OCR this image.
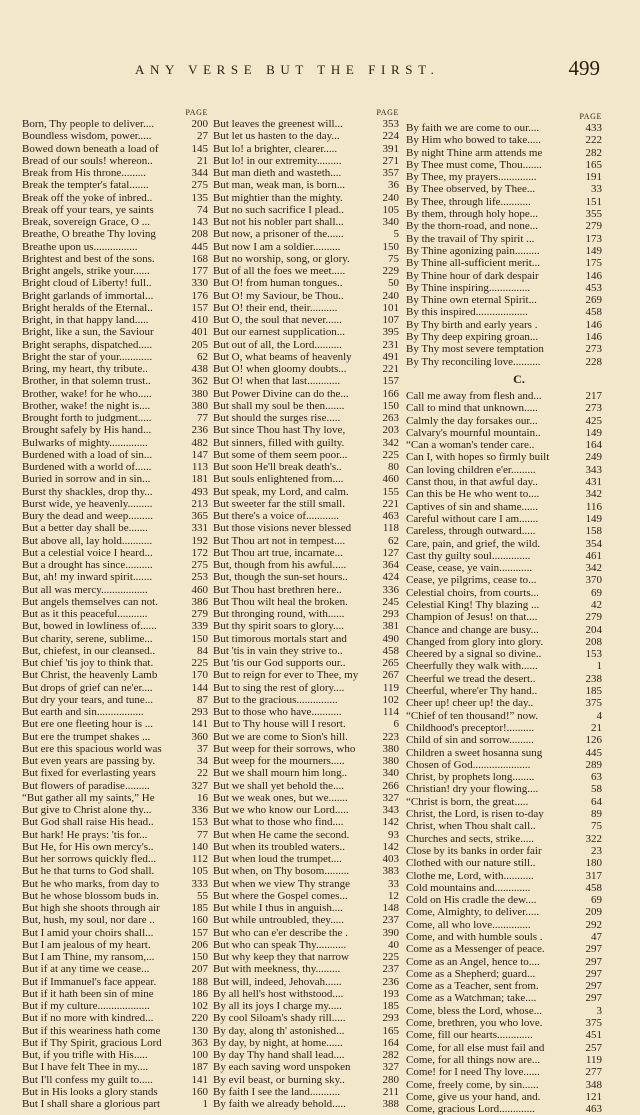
ANY VERSE BUT THE FIRST.	499
PAGE
Born, Thy people to deliver....	200
Boundless wisdom, power.....	27
Bowed down beneath a load of	145
Bread of our souls! whereon..	21
Break from His throne.........	344
Break the tempter's fatal.......	275
Break off the yoke of inbred..	135
Break off your tears, ye saints	74
Break, sovereign Grace, O ...	143
Breathe, O breathe Thy loving	208
Breathe upon us................	445
Brightest and best of the sons.	168
Bright angels, strike your......	177
Bright cloud of Liberty! full..	330
Bright garlands of immortal...	176
Bright heralds of the Eternal..	157
Bright, in that happy land.....	410
Bright, like a sun, the Saviour	401
Bright seraphs, dispatched.....	205
Bright the star of your............	62
Bring, my heart, thy tribute..	438
Brother, in that solemn trust..	362
Brother, wake! for he who.....	380
Brother, wake! the night is....	380
Brought forth to judgment.....	77
Brought safely by His hand...	236
Bulwarks of mighty..............	482
Burdened with a load of sin...	147
Burdened with a world of......	113
Buried in sorrow and in sin...	181
Burst thy shackles, drop thy...	493
Burst wide, ye heavenly.........	213
Bury the dead and weep.........	365
But a better day shall be.......	331
But above all, lay hold...........	192
But a celestial voice I heard...	172
But a drought has since..........	275
But, ah! my inward spirit.......	253
But all was mercy.................	460
But angels themselves can not.	386
But as it this peaceful...........	279
But, bowed in lowliness of......	339
But charity, serene, sublime...	150
But, chiefest, in our cleansed..	84
But chief 'tis joy to think that.	225
But Christ, the heavenly Lamb	170
But drops of grief can ne'er....	144
But dry your tears, and tune...	87
But earth and sin.................	293
But ere one fleeting hour is ...	141
But ere the trumpet shakes ...	360
But ere this spacious world was	37
But even years are passing by.	34
But fixed for everlasting years	22
But flowers of paradise.........	327
“But gather all my saints,” He	16
But give to Christ alone thy...	336
But God shall raise His head..	153
But hark! He prays: 'tis for...	77
But He, for His own mercy's..	140
But her sorrows quickly fled...	112
But he that turns to God shall.	105
But he who marks, from day to	333
But he whose blossom buds in.	55
But high she shoots through air	185
But, hush, my soul, nor dare ..	160
But I amid your choirs shall...	157
But I am jealous of my heart.	206
But I am Thine, my ransom,...	150
But if at any time we cease...	207
But if Immanuel's face appear.	188
But if it hath been sin of mine	186
But if my culture...................	102
But if no more with kindred...	220
But if this weariness hath come	130
But if Thy Spirit, gracious Lord	363
But, if you trifle with His.....	100
But I have felt Thee in my....	187
But I'll confess my guilt to.....	141
But in His looks a glory stands	160
But I shall share a glorious part	1
PAGE
But leaves the greenest will...	353
But let us hasten to the day...	224
But lo! a brighter, clearer.....	391
But lo! in our extremity.........	271
But man dieth and wasteth....	357
But man, weak man, is born...	36
But mightier than the mighty.	240
But no such sacrifice I plead..	105
But not his nobler part shall...	340
But now, a prisoner of the......	5
But now I am a soldier..........	150
But no worship, song, or glory.	75
But of all the foes we meet.....	229
But O! from human tongues..	50
But O! my Saviour, be Thou..	240
But O! their end, their..........	101
But O, the soul that never......	107
But our earnest supplication...	395
But out of all, the Lord..........	231
But O, what beams of heavenly	491
But O! when gloomy doubts...	221
But O! when that last............	157
But Power Divine can do the...	166
But shall my soul be then.......	150
But should the surges rise.....	263
But since Thou hast Thy love,	203
But sinners, filled with guilty.	342
But some of them seem poor...	225
But soon He'll break death's..	80
But souls enlightened from....	460
But speak, my Lord, and calm.	155
But sweeter far the still small.	221
But there's a voice of............	463
But those visions never blessed	118
But Thou art not in tempest....	62
But Thou art true, incarnate...	127
But, though from his awful.....	364
But, though the sun-set hours..	424
But Thou hast brethren here..	336
But Thou wilt heal the broken.	245
But thronging round, with......	293
But thy spirit soars to glory....	381
But timorous mortals start and	490
But 'tis in vain they strive to..	458
But 'tis our God supports our..	265
But to reign for ever to Thee, my 267
But to sing the rest of glory....	119
But to the gracious...............	102
But to those who have...........	114
But to Thy house will I resort.	6
But we are come to Sion's hill.	223
But weep for their sorrows, who 380
But weep for the mourners.....	380
But we shall mourn him long..	340
But we shall yet behold the....	266
But we weak ones, but we.......	327
But we who know our Lord.....	343
But what to those who find....	142
But when He came the second.	93
But when its troubled waters..	142
But when loud the trumpet....	403
But when, on Thy bosom.........	383
But when we view Thy strange	33
But where the Gospel comes...	12
But while I thus in anguish....	148
But while untroubled, they.....	237
But who can e'er describe the .	390
But who can speak Thy...........	40
But why keep they that narrow	225
But with meekness, thy.........	237
But will, indeed, Jehovah......	236
By all hell's host withstood....	193
By all its joys I charge my.....	185
By cool Siloam's shady rill.....	293
By day, along th' astonished...	165
By day, by night, at home......	164
By day Thy hand shall lead....	282
By each saving word unspoken	327
By evil beast, or burning sky..	280
By faith I see the land...........	211
By faith we already behold.....	388
PAGE
By faith we are come to our....	433
By Him who bowed to take.....	222
By night Thine arm attends me	282
By Thee must come, Thou.......	165
By Thee, my prayers..............	191
By Thee observed, by Thee...	33
By Thee, through life...........	151
By them, through holy hope...	355
By the thorn-road, and none...	279
By the travail of Thy spirit ...	173
By Thine agonizing pain.........	149
By Thine all-sufficient merit...	175
By Thine hour of dark despair	146
By Thine inspiring...............	453
By Thine own eternal Spirit...	269
By this inspired...................	458
By Thy birth and early years .	146
By Thy deep expiring groan...	146
By Thy most severe temptation	273
By Thy reconciling love..........	228
C.
Call me away from flesh and...	217
Call to mind that unknown.....	273
Calmly the day forsakes our...	425
Calvary's mournful mountain..	149
“Can a woman's tender care..	164
Can I, with hopes so firmly built	249
Can loving children e'er.........	343
Canst thou, in that awful day..	431
Can this be He who went to....	342
Captives of sin and shame......	116
Careful without care I am.......	149
Careless, through outward.....	158
Care, pain, and grief, the wild.	354
Cast thy guilty soul..............	461
Cease, cease, ye vain............	342
Cease, ye pilgrims, cease to...	370
Celestial choirs, from courts...	69
Celestial King! Thy blazing ...	42
Champion of Jesus! on that....	279
Chance and change are busy...	204
Changed from glory into glory.	208
Cheered by a signal so divine..	153
Cheerfully they walk with......	1
Cheerful we tread the desert..	238
Cheerful, where'er Thy hand..	185
Cheer up! cheer up! the day..	375
“Chief of ten thousand!” now.	4
Childhood's preceptor!..........	21
Child of sin and sorrow.........	126
Children a sweet hosanna sung	445
Chosen of God.....................	289
Christ, by prophets long........	63
Christian! dry your flowing....	58
“Christ is born, the great.....	64
Christ, the Lord, is risen to-day	89
Christ, when Thou shalt call..	75
Churches and sects, strike.....	322
Close by its banks in order fair	23
Clothed with our nature still..	180
Clothe me, Lord, with...........	317
Cold mountains and.............	458
Cold on His cradle the dew....	69
Come, Almighty, to deliver.....	209
Come, all who love..............	292
Come, and with humble souls .	47
Come as a Messenger of peace.	297
Come as an Angel, hence to....	297
Come as a Shepherd; guard...	297
Come as a Teacher, sent from.	297
Come as a Watchman; take....	297
Come, bless the Lord, whose...	3
Come, brethren, you who love.	375
Come, fill our hearts.............	451
Come, for all else must fail and	257
Come, for all things now are...	119
Come! for I need Thy love......	277
Come, freely come, by sin......	348
Come, give us your hand, and.	121
Come, gracious Lord.............	463
